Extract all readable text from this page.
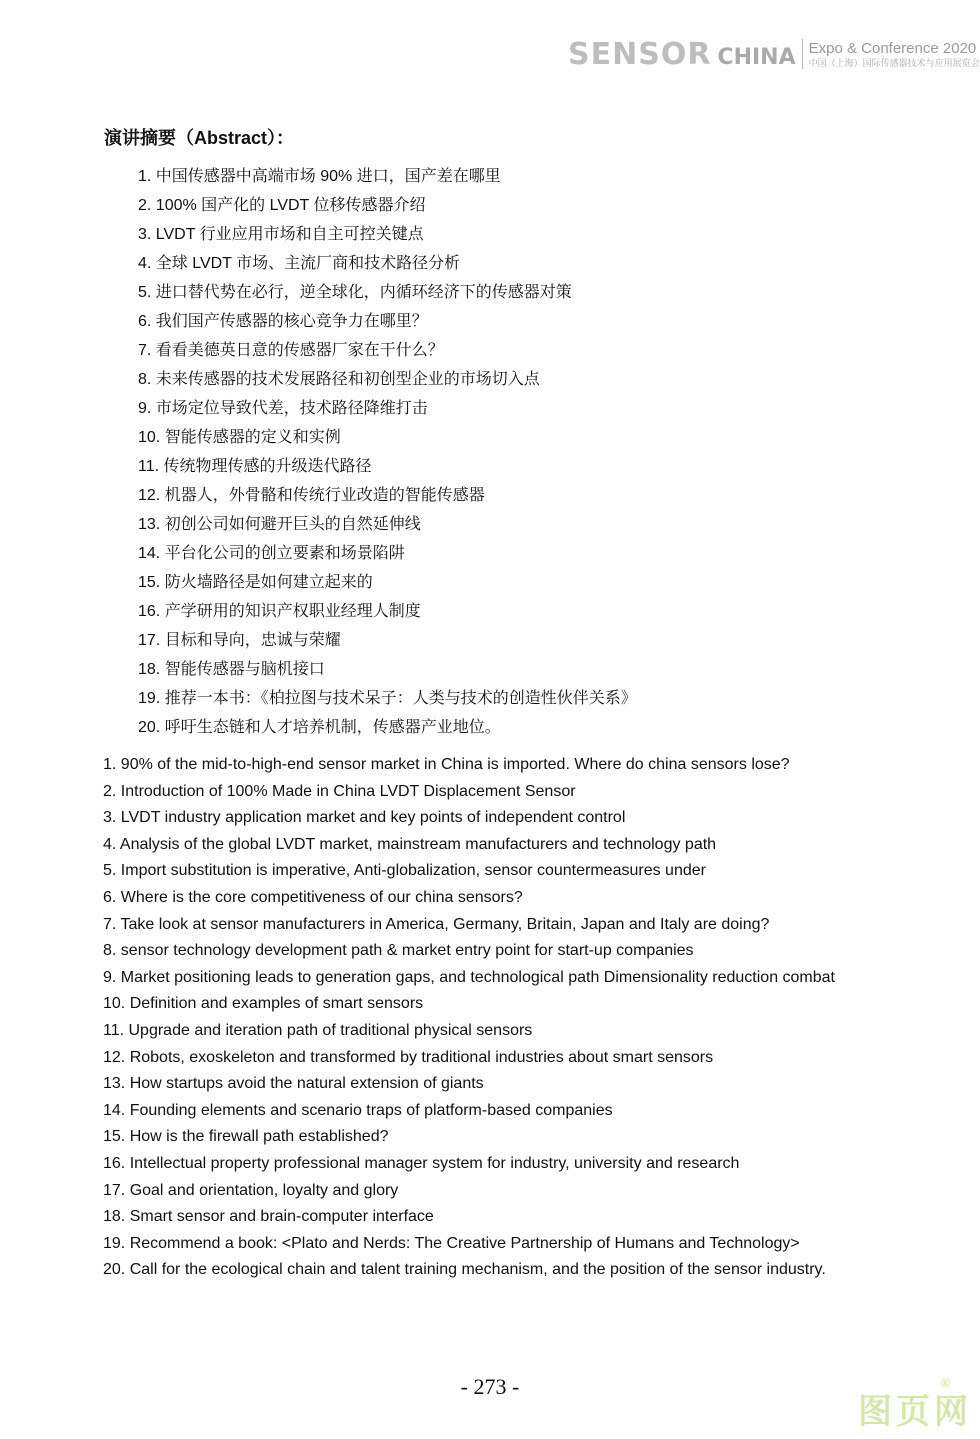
SENSOR CHINA Expo & Conference 2020
中国（上海）国际传感器技术与应用展览会
演讲摘要（Abstract）：
1. 中国传感器中高端市场 90% 进口，国产差在哪里
2. 100% 国产化的 LVDT 位移传感器介绍
3. LVDT 行业应用市场和自主可控关键点
4. 全球 LVDT 市场、主流厂商和技术路径分析
5. 进口替代势在必行，逆全球化，内循环经济下的传感器对策
6. 我们国产传感器的核心竞争力在哪里？
7. 看看美德英日意的传感器厂家在干什么？
8. 未来传感器的技术发展路径和初创型企业的市场切入点
9. 市场定位导致代差，技术路径降维打击
10. 智能传感器的定义和实例
11. 传统物理传感的升级迭代路径
12. 机器人，外骨骼和传统行业改造的智能传感器
13. 初创公司如何避开巨头的自然延伸线
14. 平台化公司的创立要素和场景陷阱
15. 防火墙路径是如何建立起来的
16. 产学研用的知识产权职业经理人制度
17. 目标和导向，忠诚与荣耀
18. 智能传感器与脑机接口
19. 推荐一本书：《柏拉图与技术呆子：人类与技术的创造性伙伴关系》
20. 呼吁生态链和人才培养机制，传感器产业地位。
1. 90% of the mid-to-high-end sensor market in China is imported. Where do china sensors lose?
2. Introduction of 100% Made in China LVDT Displacement Sensor
3. LVDT industry application market and key points of independent control
4. Analysis of the global LVDT market, mainstream manufacturers and technology path
5. Import substitution is imperative, Anti-globalization, sensor countermeasures under
6. Where is the core competitiveness of our china sensors?
7. Take look at sensor manufacturers in America, Germany, Britain, Japan and Italy are doing?
8. sensor technology development path & market entry point for start-up companies
9. Market positioning leads to generation gaps, and technological path Dimensionality reduction combat
10. Definition and examples of smart sensors
11. Upgrade and iteration path of traditional physical sensors
12. Robots, exoskeleton and transformed by traditional industries about smart sensors
13. How startups avoid the natural extension of giants
14. Founding elements and scenario traps of platform-based companies
15. How is the firewall path established?
16. Intellectual property professional manager system for industry, university and research
17. Goal and orientation, loyalty and glory
18. Smart sensor and brain-computer interface
19. Recommend a book: <Plato and Nerds: The Creative Partnership of Humans and Technology>
20. Call for the ecological chain and talent training mechanism, and the position of the sensor industry.
- 273 -
图页网
®
